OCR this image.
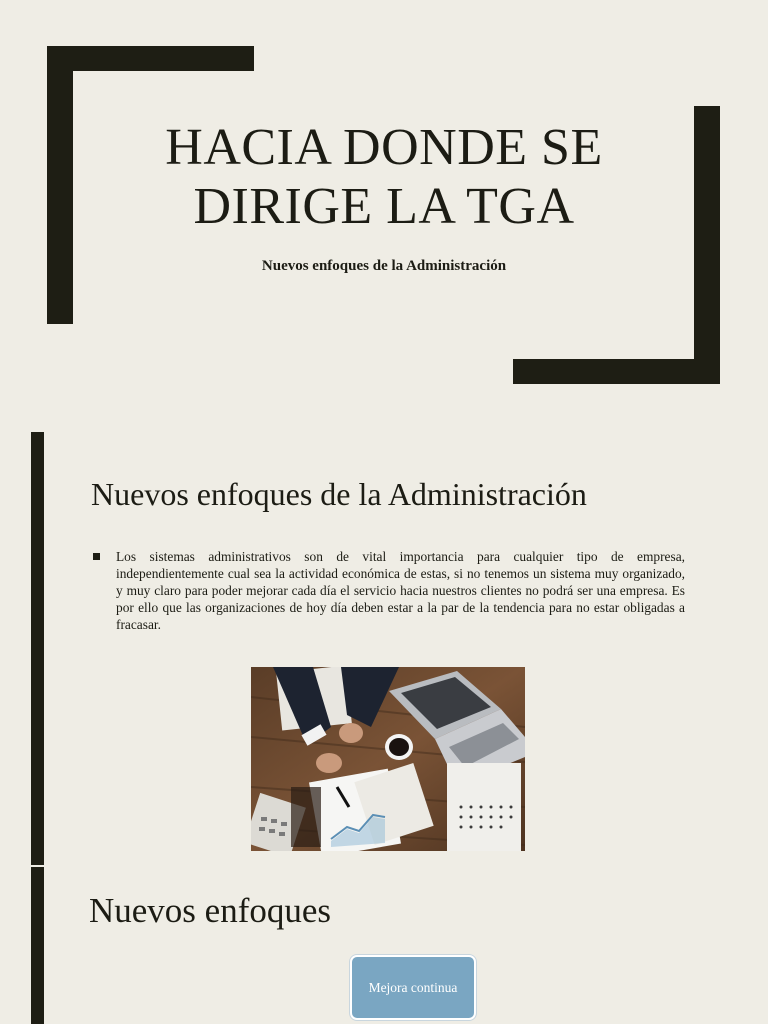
HACIA DONDE SE DIRIGE LA TGA

Nuevos enfoques de la Administración

Nuevos enfoques de la Administración

Los sistemas administrativos son de vital importancia para cualquier tipo de empresa, independientemente cual sea la actividad económica de estas, si no tenemos un sistema muy organizado, y muy claro para poder mejorar cada día el servicio hacia nuestros clientes no podrá ser una empresa. Es por ello que las organizaciones de hoy día deben estar a la par de la tendencia para no estar obligadas a fracasar.

Nuevos enfoques
Mejora continua
